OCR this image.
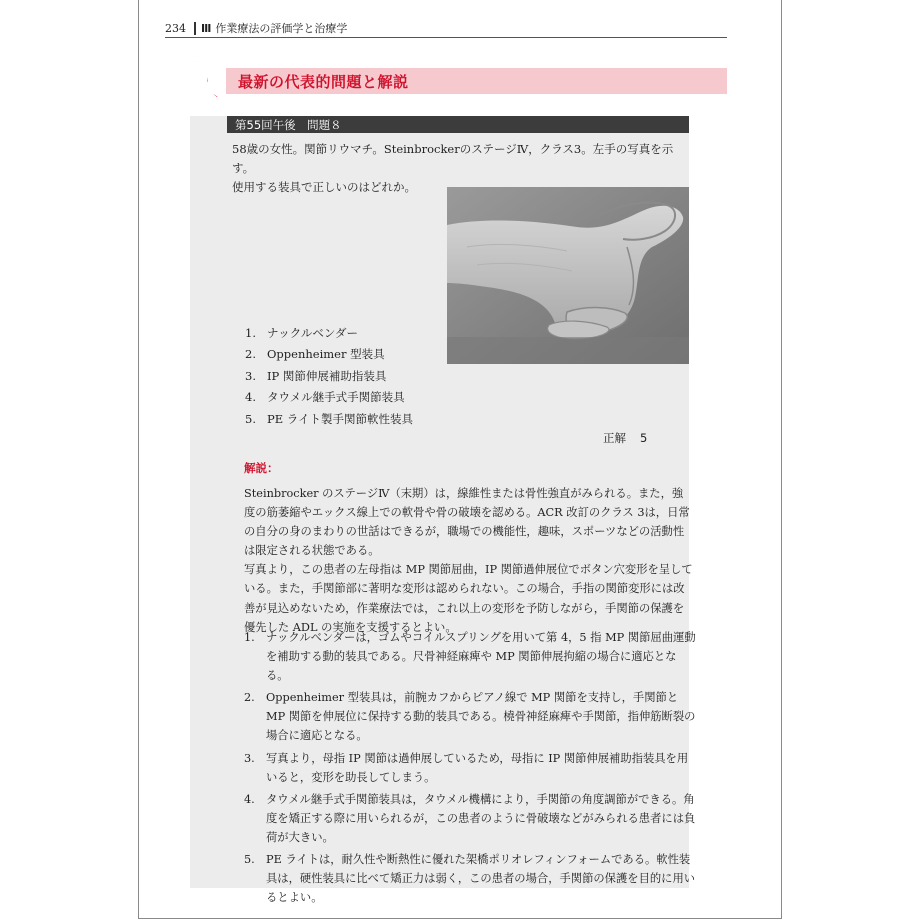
234 Ⅲ 作業療法の評価学と治療学
達
人 最新の代表的問題と解説
第55回午後　問題８
58歳の女性。関節リウマチ。SteinbrockerのステージⅣ，クラス3。左手の写真を示す。
使用する装具で正しいのはどれか。
1. ナックルベンダー
2. Oppenheimer 型装具
3. IP 関節伸展補助指装具
4. タウメル継手式手関節装具
5. PE ライト製手関節軟性装具
正解 5
解説：

Steinbrocker のステージⅣ（末期）は，線維性または骨性強直がみられる。また，強度の筋萎縮やエックス線上での軟骨や骨の破壊を認める。ACR 改訂のクラス 3は，日常の自分の身のまわりの世話はできるが，職場での機能性，趣味，スポーツなどの活動性は限定される状態である。

写真より，この患者の左母指は MP 関節屈曲，IP 関節過伸展位でボタン穴変形を呈している。また，手関節部に著明な変形は認められない。この場合，手指の関節変形には改善が見込めないため，作業療法では，これ以上の変形を予防しながら，手関節の保護を優先した ADL の実施を支援するとよい。

1. ナックルベンダーは，ゴムやコイルスプリングを用いて第 4，5 指 MP 関節屈曲運動を補助する動的装具である。尺骨神経麻痺や MP 関節伸展拘縮の場合に適応となる。
2. Oppenheimer 型装具は，前腕カフからピアノ線で MP 関節を支持し，手関節と MP 関節を伸展位に保持する動的装具である。橈骨神経麻痺や手関節，指伸筋断裂の場合に適応となる。
3. 写真より，母指 IP 関節は過伸展しているため，母指に IP 関節伸展補助指装具を用いると，変形を助長してしまう。
4. タウメル継手式手関節装具は，タウメル機構により，手関節の角度調節ができる。角度を矯正する際に用いられるが，この患者のように骨破壊などがみられる患者には負荷が大きい。
5. PE ライトは，耐久性や断熱性に優れた架橋ポリオレフィンフォームである。軟性装具は，硬性装具に比べて矯正力は弱く，この患者の場合，手関節の保護を目的に用いるとよい。
